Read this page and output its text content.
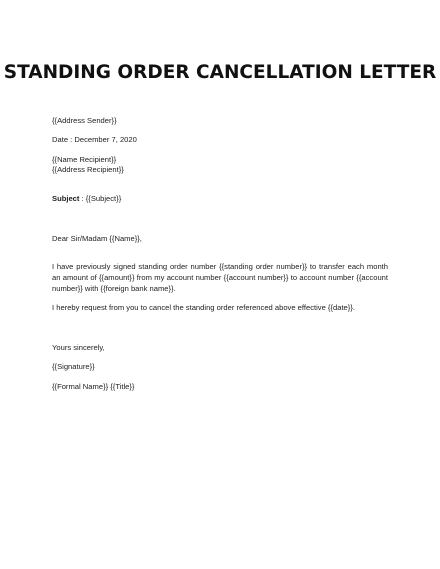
STANDING ORDER CANCELLATION LETTER
{{Address Sender}}
Date : December 7, 2020
{{Name Recipient}}
{{Address Recipient}}
Subject : {{Subject}}
Dear Sir/Madam {{Name}},
I have previously signed standing order number {{standing order number}} to transfer each month an amount of {{amount}} from my account number {{account number}} to account number {{account number}} with {{foreign bank name}}.
I hereby request from you to cancel the standing order referenced above effective {{date}}.
Yours sincerely,
{{Signature}}
{{Formal Name}} {{Title}}
